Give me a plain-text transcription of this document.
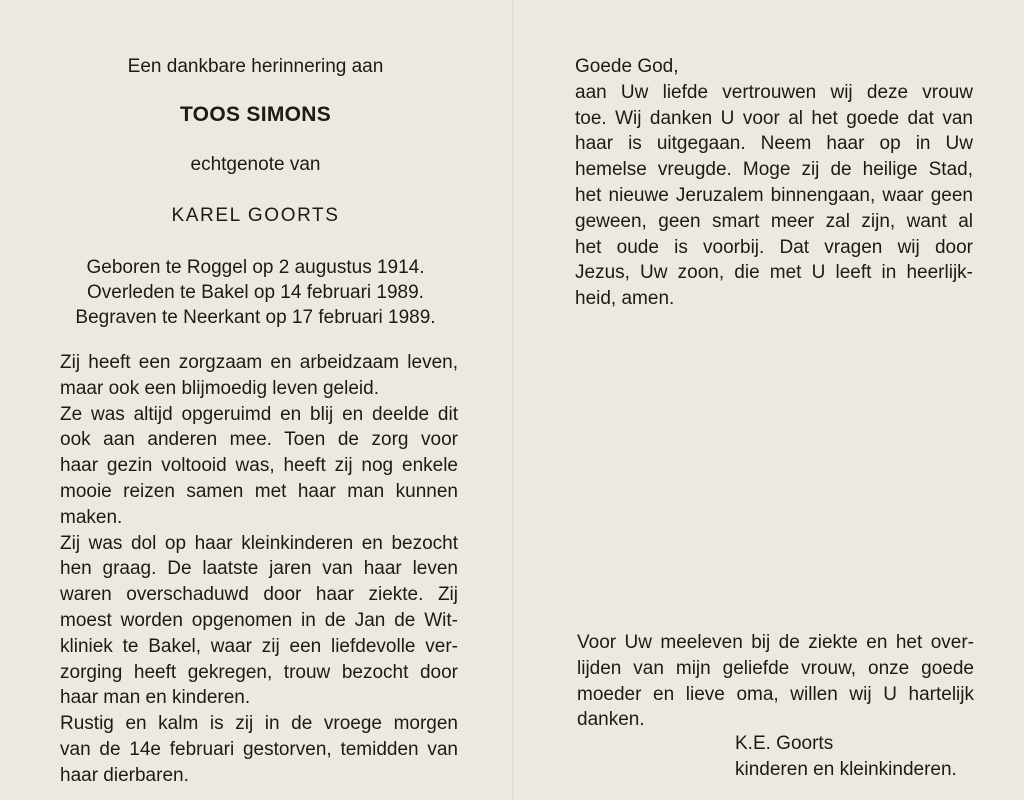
Een dankbare herinnering aan
TOOS SIMONS
echtgenote van
KAREL GOORTS
Geboren te Roggel op 2 augustus 1914.
Overleden te Bakel op 14 februari 1989.
Begraven te Neerkant op 17 februari 1989.
Zij heeft een zorgzaam en arbeidzaam leven,
maar ook een blijmoedig leven geleid.
Ze was altijd opgeruimd en blij en deelde dit
ook aan anderen mee. Toen de zorg voor
haar gezin voltooid was, heeft zij nog enkele
mooie reizen samen met haar man kunnen
maken.
Zij was dol op haar kleinkinderen en bezocht
hen graag. De laatste jaren van haar leven
waren overschaduwd door haar ziekte. Zij
moest worden opgenomen in de Jan de Wit-
kliniek te Bakel, waar zij een liefdevolle ver-
zorging heeft gekregen, trouw bezocht door
haar man en kinderen.
Rustig en kalm is zij in de vroege morgen
van de 14e februari gestorven, temidden van
haar dierbaren.
Goede God,
aan Uw liefde vertrouwen wij deze vrouw
toe. Wij danken U voor al het goede dat van
haar is uitgegaan. Neem haar op in Uw
hemelse vreugde. Moge zij de heilige Stad,
het nieuwe Jeruzalem binnengaan, waar geen
geween, geen smart meer zal zijn, want al
het oude is voorbij. Dat vragen wij door
Jezus, Uw zoon, die met U leeft in heerlijk-
heid, amen.
Voor Uw meeleven bij de ziekte en het over-
lijden van mijn geliefde vrouw, onze goede
moeder en lieve oma, willen wij U hartelijk
danken.
K.E. Goorts
kinderen en kleinkinderen.
